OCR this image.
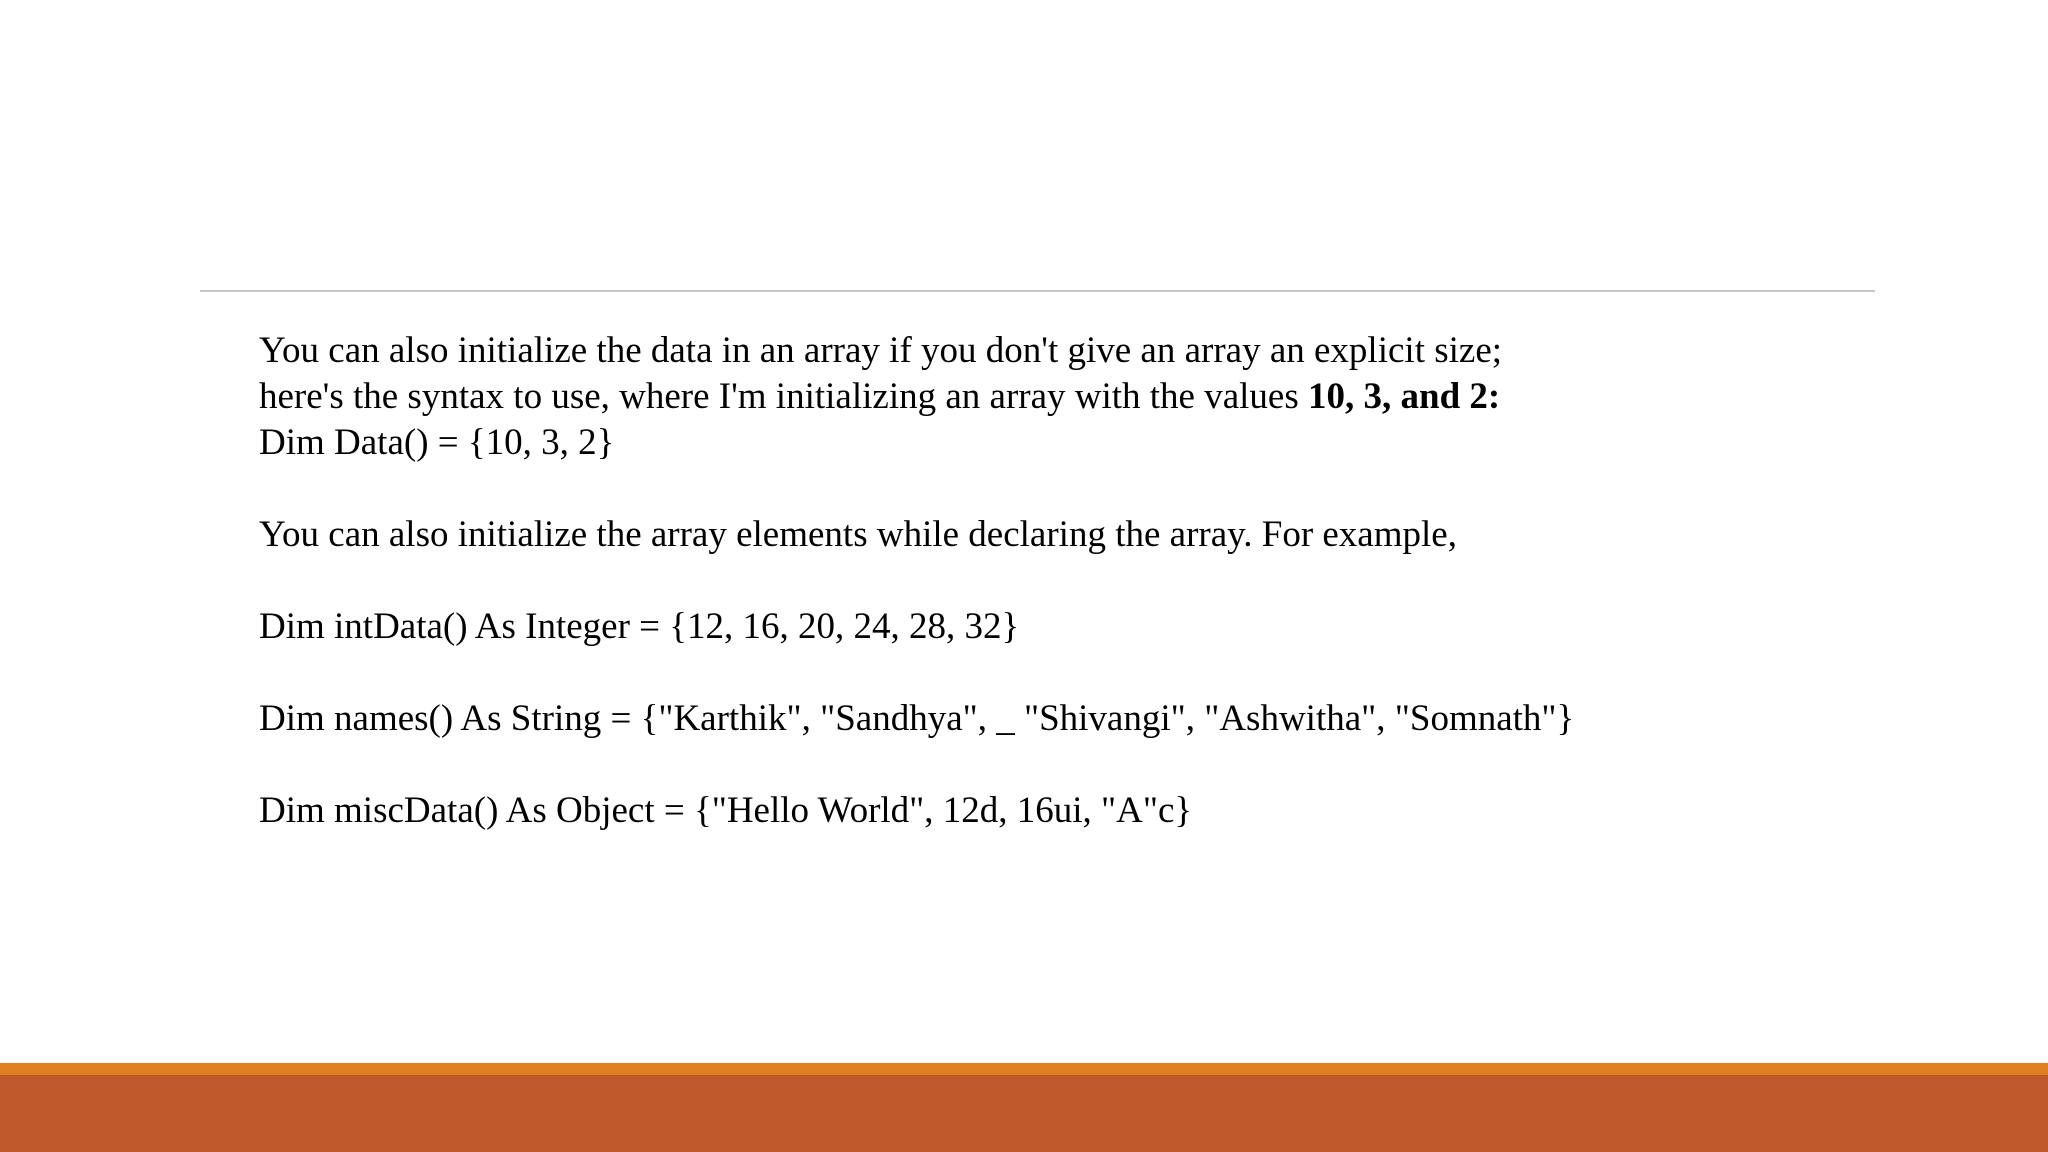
You can also initialize the data in an array if you don't give an array an explicit size;
here's the syntax to use, where I'm initializing an array with the values 10, 3, and 2:
Dim Data() = {10, 3, 2}
You can also initialize the array elements while declaring the array. For example,
Dim intData() As Integer = {12, 16, 20, 24, 28, 32}
Dim names() As String = {"Karthik", "Sandhya", _ "Shivangi", "Ashwitha", "Somnath"}
Dim miscData() As Object = {"Hello World", 12d, 16ui, "A"c}
